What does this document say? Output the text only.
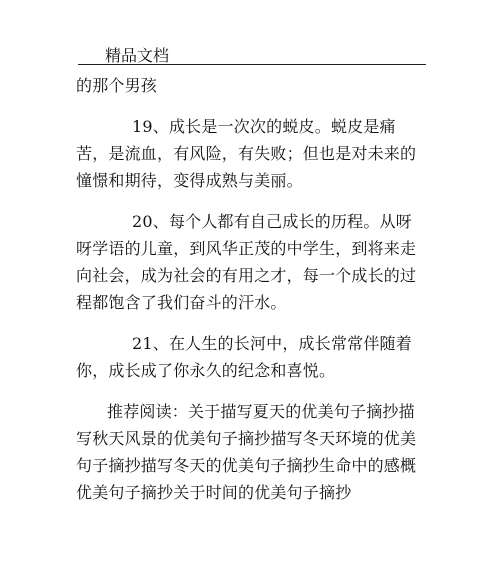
精品文档

的那个男孩

19、成长是一次次的蜕皮。蜕皮是痛苦，是流血，有风险，有失败；但也是对未来的憧憬和期待，变得成熟与美丽。

20、每个人都有自己成长的历程。从呀呀学语的儿童，到风华正茂的中学生，到将来走向社会，成为社会的有用之才，每一个成长的过程都饱含了我们奋斗的汗水。

21、在人生的长河中，成长常常伴随着你，成长成了你永久的纪念和喜悦。

推荐阅读：关于描写夏天的优美句子摘抄描写秋天风景的优美句子摘抄描写冬天环境的优美句子摘抄描写冬天的优美句子摘抄生命中的感概优美句子摘抄关于时间的优美句子摘抄
